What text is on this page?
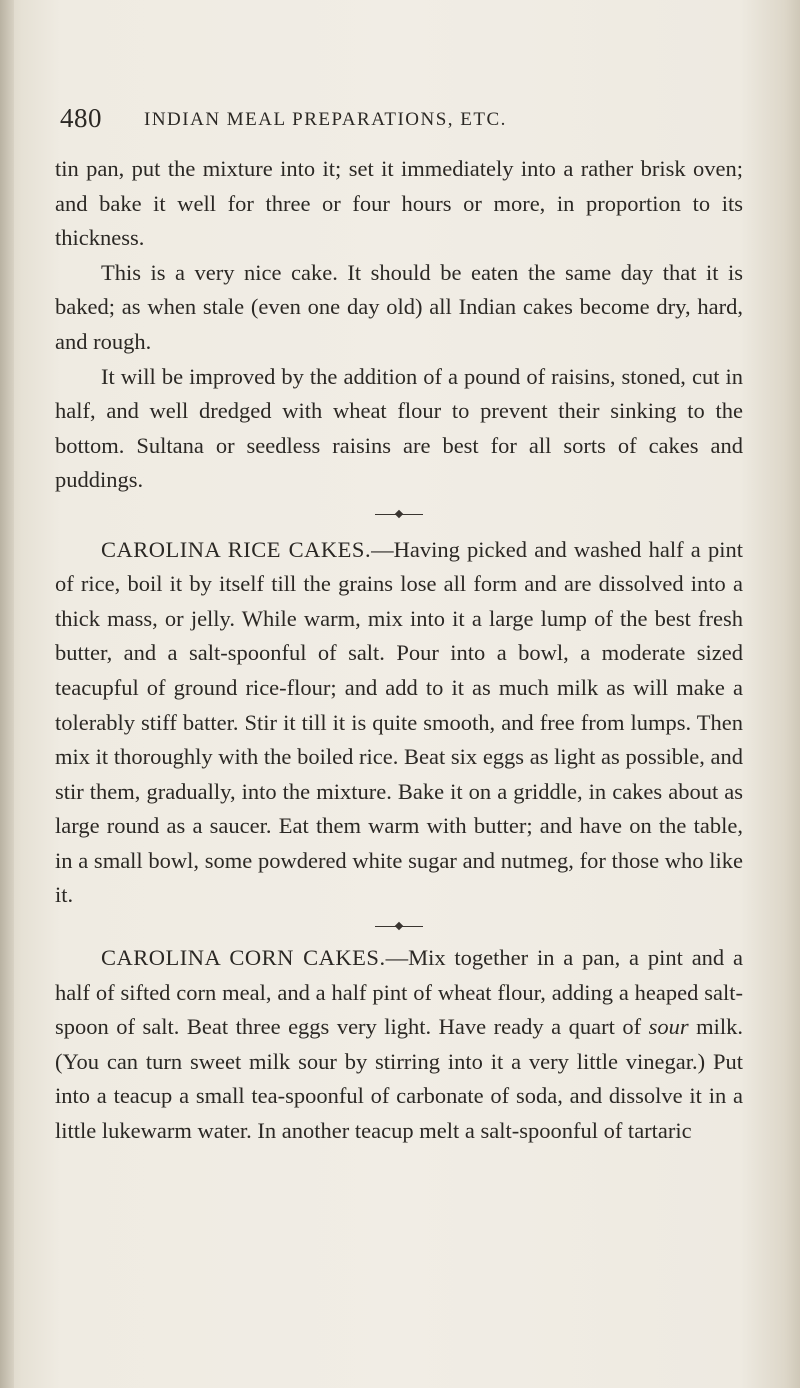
480 INDIAN MEAL PREPARATIONS, ETC.

tin pan, put the mixture into it; set it immediately into a rather brisk oven; and bake it well for three or four hours or more, in proportion to its thickness.

This is a very nice cake. It should be eaten the same day that it is baked; as when stale (even one day old) all Indian cakes become dry, hard, and rough.

It will be improved by the addition of a pound of raisins, stoned, cut in half, and well dredged with wheat flour to prevent their sinking to the bottom. Sultana or seedless raisins are best for all sorts of cakes and puddings.

CAROLINA RICE CAKES.—Having picked and washed half a pint of rice, boil it by itself till the grains lose all form and are dissolved into a thick mass, or jelly. While warm, mix into it a large lump of the best fresh butter, and a salt-spoonful of salt. Pour into a bowl, a moderate sized teacupful of ground rice-flour; and add to it as much milk as will make a tolerably stiff batter. Stir it till it is quite smooth, and free from lumps. Then mix it thoroughly with the boiled rice. Beat six eggs as light as possible, and stir them, gradually, into the mixture. Bake it on a griddle, in cakes about as large round as a saucer. Eat them warm with butter; and have on the table, in a small bowl, some powdered white sugar and nutmeg, for those who like it.

CAROLINA CORN CAKES.—Mix together in a pan, a pint and a half of sifted corn meal, and a half pint of wheat flour, adding a heaped salt-spoon of salt. Beat three eggs very light. Have ready a quart of sour milk. (You can turn sweet milk sour by stirring into it a very little vinegar.) Put into a teacup a small tea-spoonful of carbonate of soda, and dissolve it in a little lukewarm water. In another teacup melt a salt-spoonful of tartaric
